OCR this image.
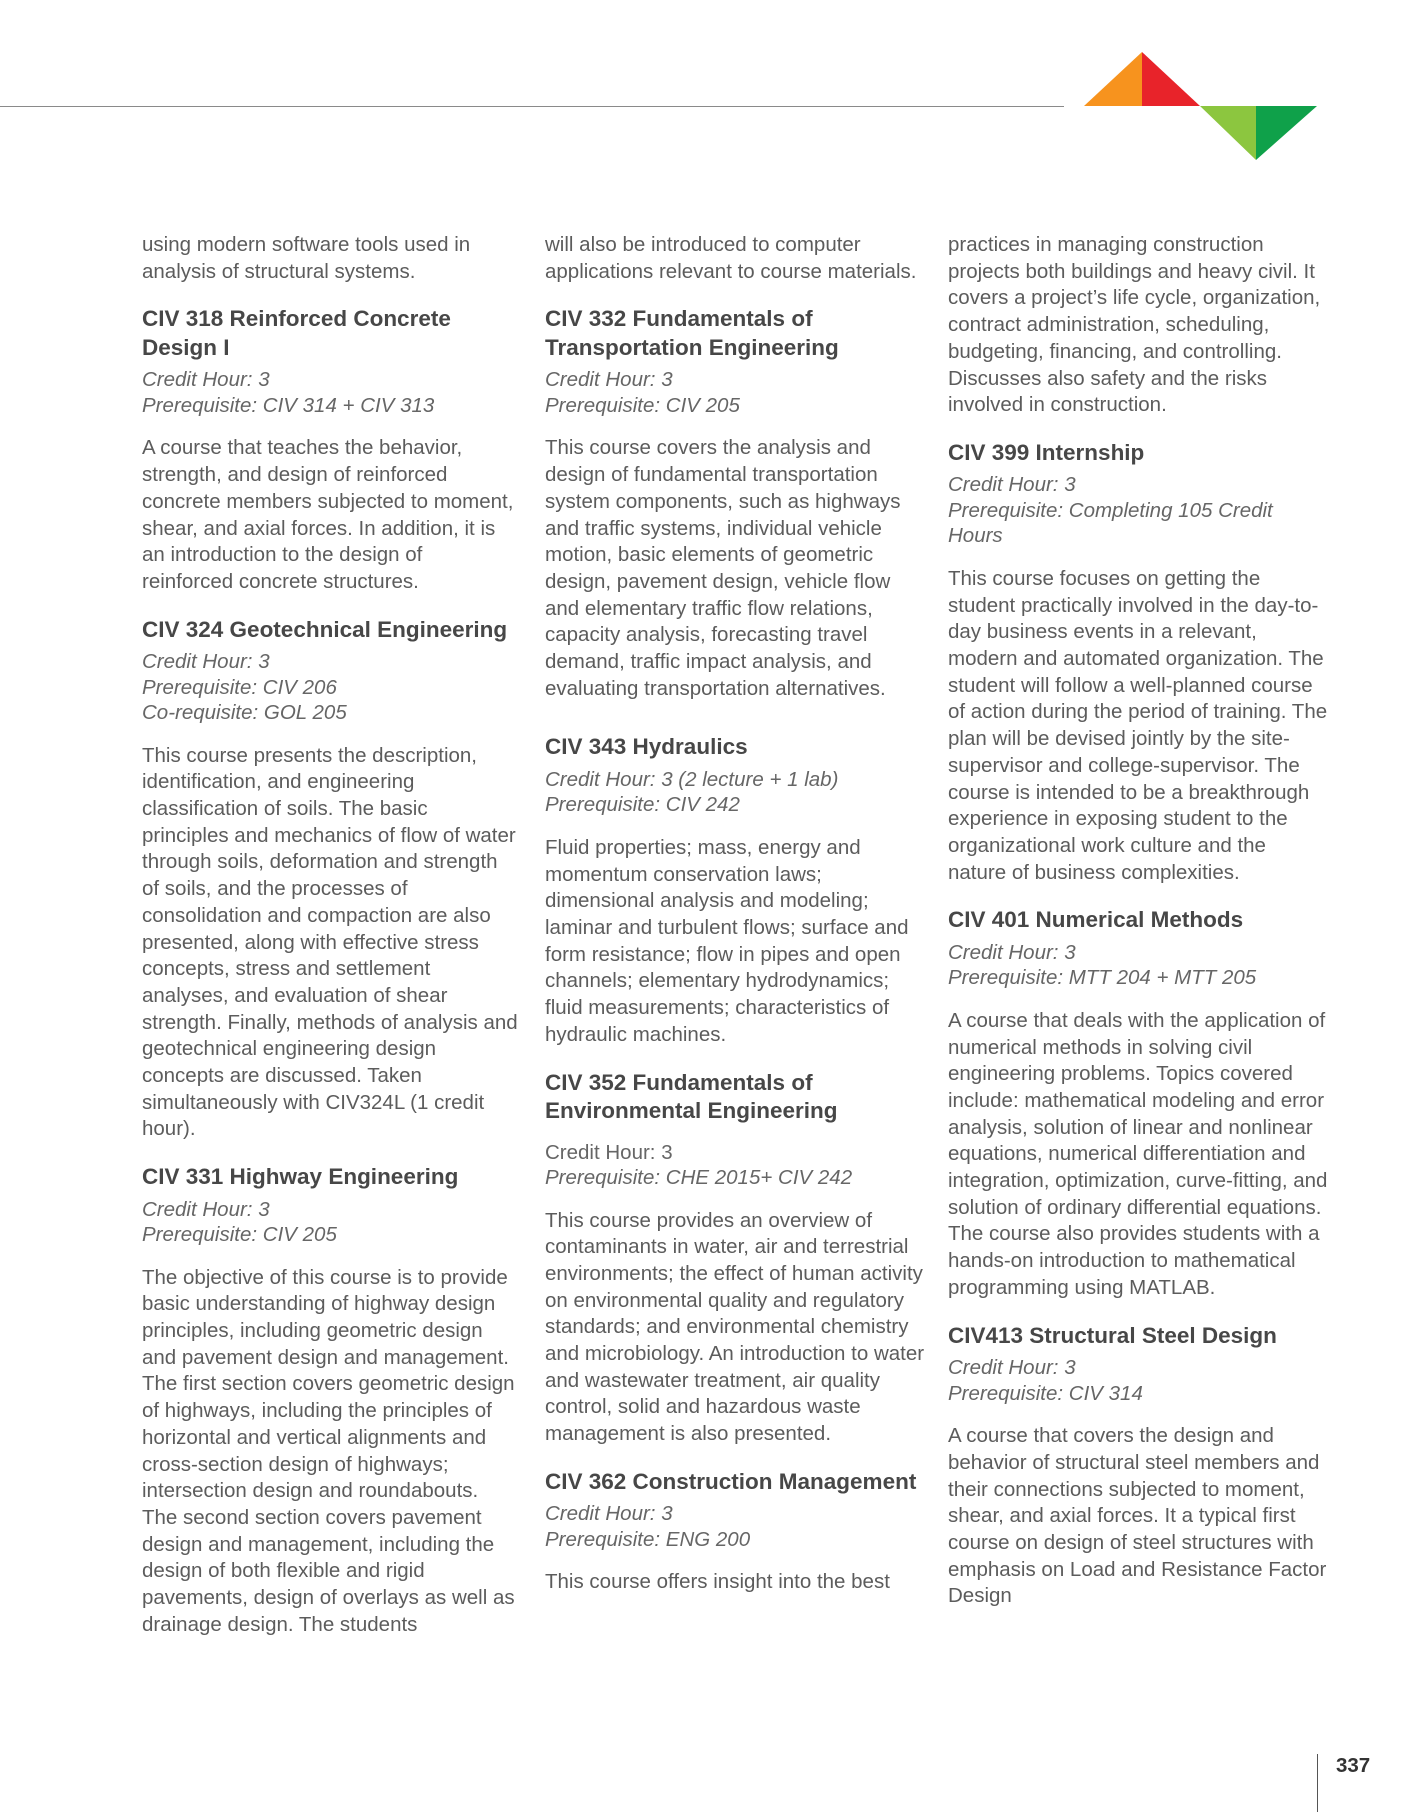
using modern software tools used in analysis of structural systems.

CIV 318 Reinforced Concrete Design I
Credit Hour: 3
Prerequisite: CIV 314 + CIV 313

A course that teaches the behavior, strength, and design of reinforced concrete members subjected to moment, shear, and axial forces. In addition, it is an introduction to the design of reinforced concrete structures.

CIV 324 Geotechnical Engineering
Credit Hour: 3
Prerequisite: CIV 206
Co-requisite: GOL 205

This course presents the description, identification, and engineering classification of soils. The basic principles and mechanics of flow of water through soils, deformation and strength of soils, and the processes of consolidation and compaction are also presented, along with effective stress concepts, stress and settlement analyses, and evaluation of shear strength. Finally, methods of analysis and geotechnical engineering design concepts are discussed. Taken simultaneously with CIV324L (1 credit hour).

CIV 331 Highway Engineering
Credit Hour: 3
Prerequisite: CIV 205

The objective of this course is to provide basic understanding of highway design principles, including geometric design and pavement design and management. The first section covers geometric design of highways, including the principles of horizontal and vertical alignments and cross-section design of highways; intersection design and roundabouts. The second section covers pavement design and management, including the design of both flexible and rigid pavements, design of overlays as well as drainage design. The students

will also be introduced to computer applications relevant to course materials.

CIV 332 Fundamentals of Transportation Engineering
Credit Hour: 3
Prerequisite: CIV 205

This course covers the analysis and design of fundamental transportation system components, such as highways and traffic systems, individual vehicle motion, basic elements of geometric design, pavement design, vehicle flow and elementary traffic flow relations, capacity analysis, forecasting travel demand, traffic impact analysis, and evaluating transportation alternatives.

CIV 343 Hydraulics
Credit Hour: 3 (2 lecture + 1 lab)
Prerequisite: CIV 242

Fluid properties; mass, energy and momentum conservation laws; dimensional analysis and modeling; laminar and turbulent flows; surface and form resistance; flow in pipes and open channels; elementary hydrodynamics; fluid measurements; characteristics of hydraulic machines.

CIV 352 Fundamentals of Environmental Engineering
Credit Hour: 3
Prerequisite: CHE 2015+ CIV 242

This course provides an overview of contaminants in water, air and terrestrial environments; the effect of human activity on environmental quality and regulatory standards; and environmental chemistry and microbiology. An introduction to water and wastewater treatment, air quality control, solid and hazardous waste management is also presented.

CIV 362 Construction Management
Credit Hour: 3
Prerequisite: ENG 200

This course offers insight into the best

practices in managing construction projects both buildings and heavy civil. It covers a project’s life cycle, organization, contract administration, scheduling, budgeting, financing, and controlling. Discusses also safety and the risks involved in construction.

CIV 399 Internship
Credit Hour: 3
Prerequisite: Completing 105 Credit Hours

This course focuses on getting the student practically involved in the day-to-day business events in a relevant, modern and automated organization. The student will follow a well-planned course of action during the period of training. The plan will be devised jointly by the site-supervisor and college-supervisor. The course is intended to be a breakthrough experience in exposing student to the organizational work culture and the nature of business complexities.

CIV 401 Numerical Methods
Credit Hour: 3
Prerequisite: MTT 204 + MTT 205

A course that deals with the application of numerical methods in solving civil engineering problems. Topics covered include: mathematical modeling and error analysis, solution of linear and nonlinear equations, numerical differentiation and integration, optimization, curve-fitting, and solution of ordinary differential equations. The course also provides students with a hands-on introduction to mathematical programming using MATLAB.

CIV413 Structural Steel Design
Credit Hour: 3
Prerequisite: CIV 314

A course that covers the design and behavior of structural steel members and their connections subjected to moment, shear, and axial forces. It a typical first course on design of steel structures with emphasis on Load and Resistance Factor Design

337
